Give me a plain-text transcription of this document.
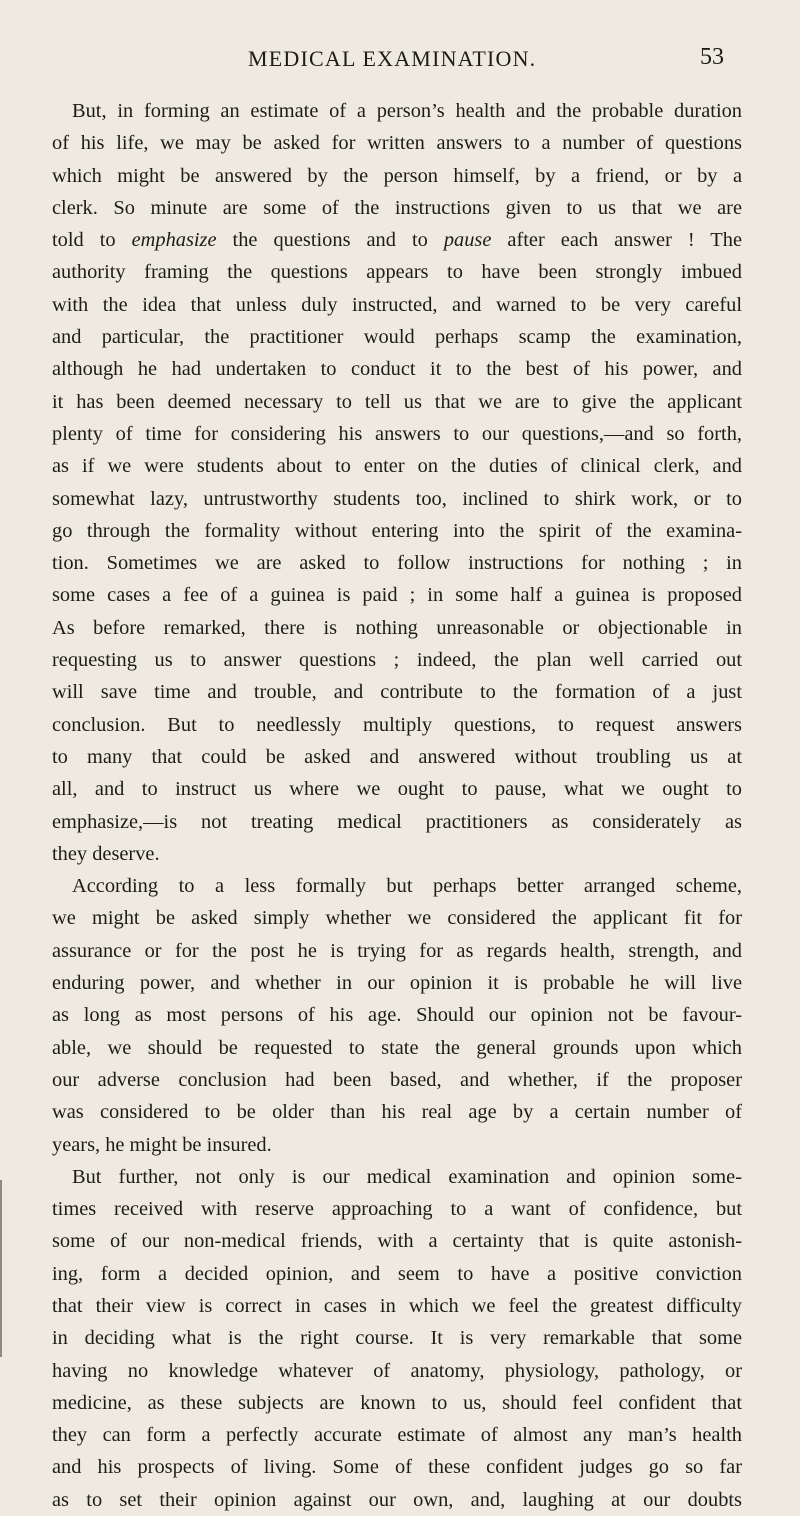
MEDICAL EXAMINATION.	53
But, in forming an estimate of a person’s health and the probable duration
of his life, we may be asked for written answers to a number of questions
which might be answered by the person himself, by a friend, or by a
clerk. So minute are some of the instructions given to us that we are
told to emphasize the questions and to pause after each answer ! The
authority framing the questions appears to have been strongly imbued
with the idea that unless duly instructed, and warned to be very careful
and particular, the practitioner would perhaps scamp the examination,
although he had undertaken to conduct it to the best of his power, and
it has been deemed necessary to tell us that we are to give the applicant
plenty of time for considering his answers to our questions,—and so forth,
as if we were students about to enter on the duties of clinical clerk, and
somewhat lazy, untrustworthy students too, inclined to shirk work, or to
go through the formality without entering into the spirit of the examina-
tion. Sometimes we are asked to follow instructions for nothing ; in
some cases a fee of a guinea is paid ; in some half a guinea is proposed
As before remarked, there is nothing unreasonable or objectionable in
requesting us to answer questions ; indeed, the plan well carried out
will save time and trouble, and contribute to the formation of a just
conclusion. But to needlessly multiply questions, to request answers
to many that could be asked and answered without troubling us at
all, and to instruct us where we ought to pause, what we ought to
emphasize,—is not treating medical practitioners as considerately as
they deserve.
According to a less formally but perhaps better arranged scheme,
we might be asked simply whether we considered the applicant fit for
assurance or for the post he is trying for as regards health, strength, and
enduring power, and whether in our opinion it is probable he will live
as long as most persons of his age. Should our opinion not be favour-
able, we should be requested to state the general grounds upon which
our adverse conclusion had been based, and whether, if the proposer
was considered to be older than his real age by a certain number of
years, he might be insured.
But further, not only is our medical examination and opinion some-
times received with reserve approaching to a want of confidence, but
some of our non-medical friends, with a certainty that is quite astonish-
ing, form a decided opinion, and seem to have a positive conviction
that their view is correct in cases in which we feel the greatest difficulty
in deciding what is the right course. It is very remarkable that some
having no knowledge whatever of anatomy, physiology, pathology, or
medicine, as these subjects are known to us, should feel confident that
they can form a perfectly accurate estimate of almost any man’s health
and his prospects of living. Some of these confident judges go so far
as to set their opinion against our own, and, laughing at our doubts
